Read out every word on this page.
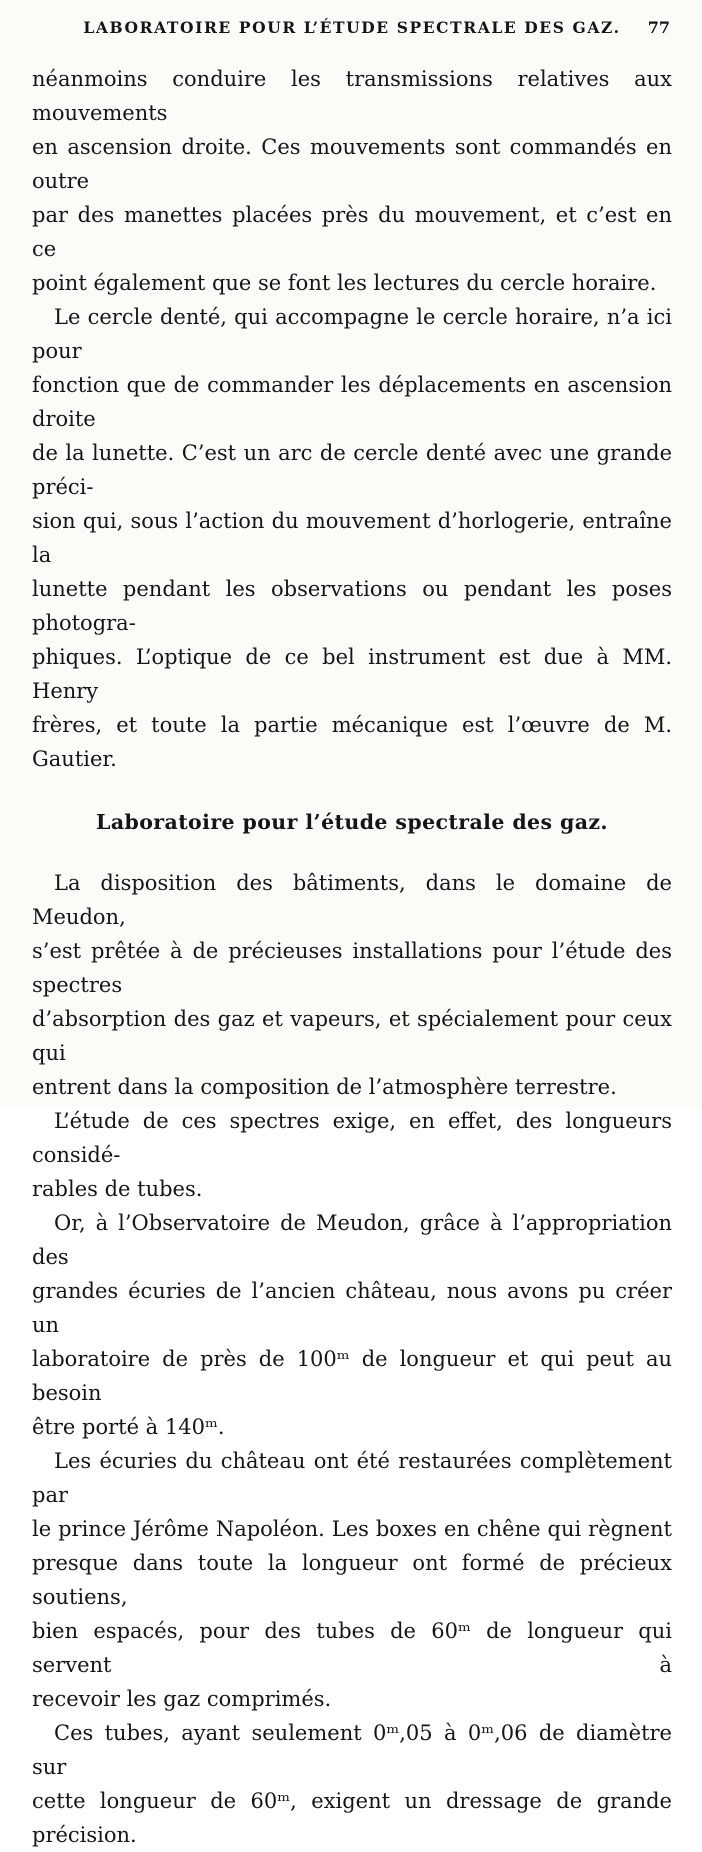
LABORATOIRE POUR L’ÉTUDE SPECTRALE DES GAZ.	77
néanmoins conduire les transmissions relatives aux mouvements
en ascension droite. Ces mouvements sont commandés en outre
par des manettes placées près du mouvement, et c’est en ce
point également que se font les lectures du cercle horaire.
Le cercle denté, qui accompagne le cercle horaire, n’a ici pour
fonction que de commander les déplacements en ascension droite
de la lunette. C’est un arc de cercle denté avec une grande préci-
sion qui, sous l’action du mouvement d’horlogerie, entraîne la
lunette pendant les observations ou pendant les poses photogra-
phiques. L’optique de ce bel instrument est due à MM. Henry
frères, et toute la partie mécanique est l’œuvre de M. Gautier.
Laboratoire pour l’étude spectrale des gaz.
La disposition des bâtiments, dans le domaine de Meudon,
s’est prêtée à de précieuses installations pour l’étude des spectres
d’absorption des gaz et vapeurs, et spécialement pour ceux qui
entrent dans la composition de l’atmosphère terrestre.
L’étude de ces spectres exige, en effet, des longueurs considé-
rables de tubes.
Or, à l’Observatoire de Meudon, grâce à l’appropriation des
grandes écuries de l’ancien château, nous avons pu créer un
laboratoire de près de 100ᵐ de longueur et qui peut au besoin
être porté à 140ᵐ.
Les écuries du château ont été restaurées complètement par
le prince Jérôme Napoléon. Les boxes en chêne qui règnent
presque dans toute la longueur ont formé de précieux soutiens,
bien espacés, pour des tubes de 60ᵐ de longueur qui servent à
recevoir les gaz comprimés.
Ces tubes, ayant seulement 0ᵐ,05 à 0ᵐ,06 de diamètre sur
cette longueur de 60ᵐ, exigent un dressage de grande précision.
